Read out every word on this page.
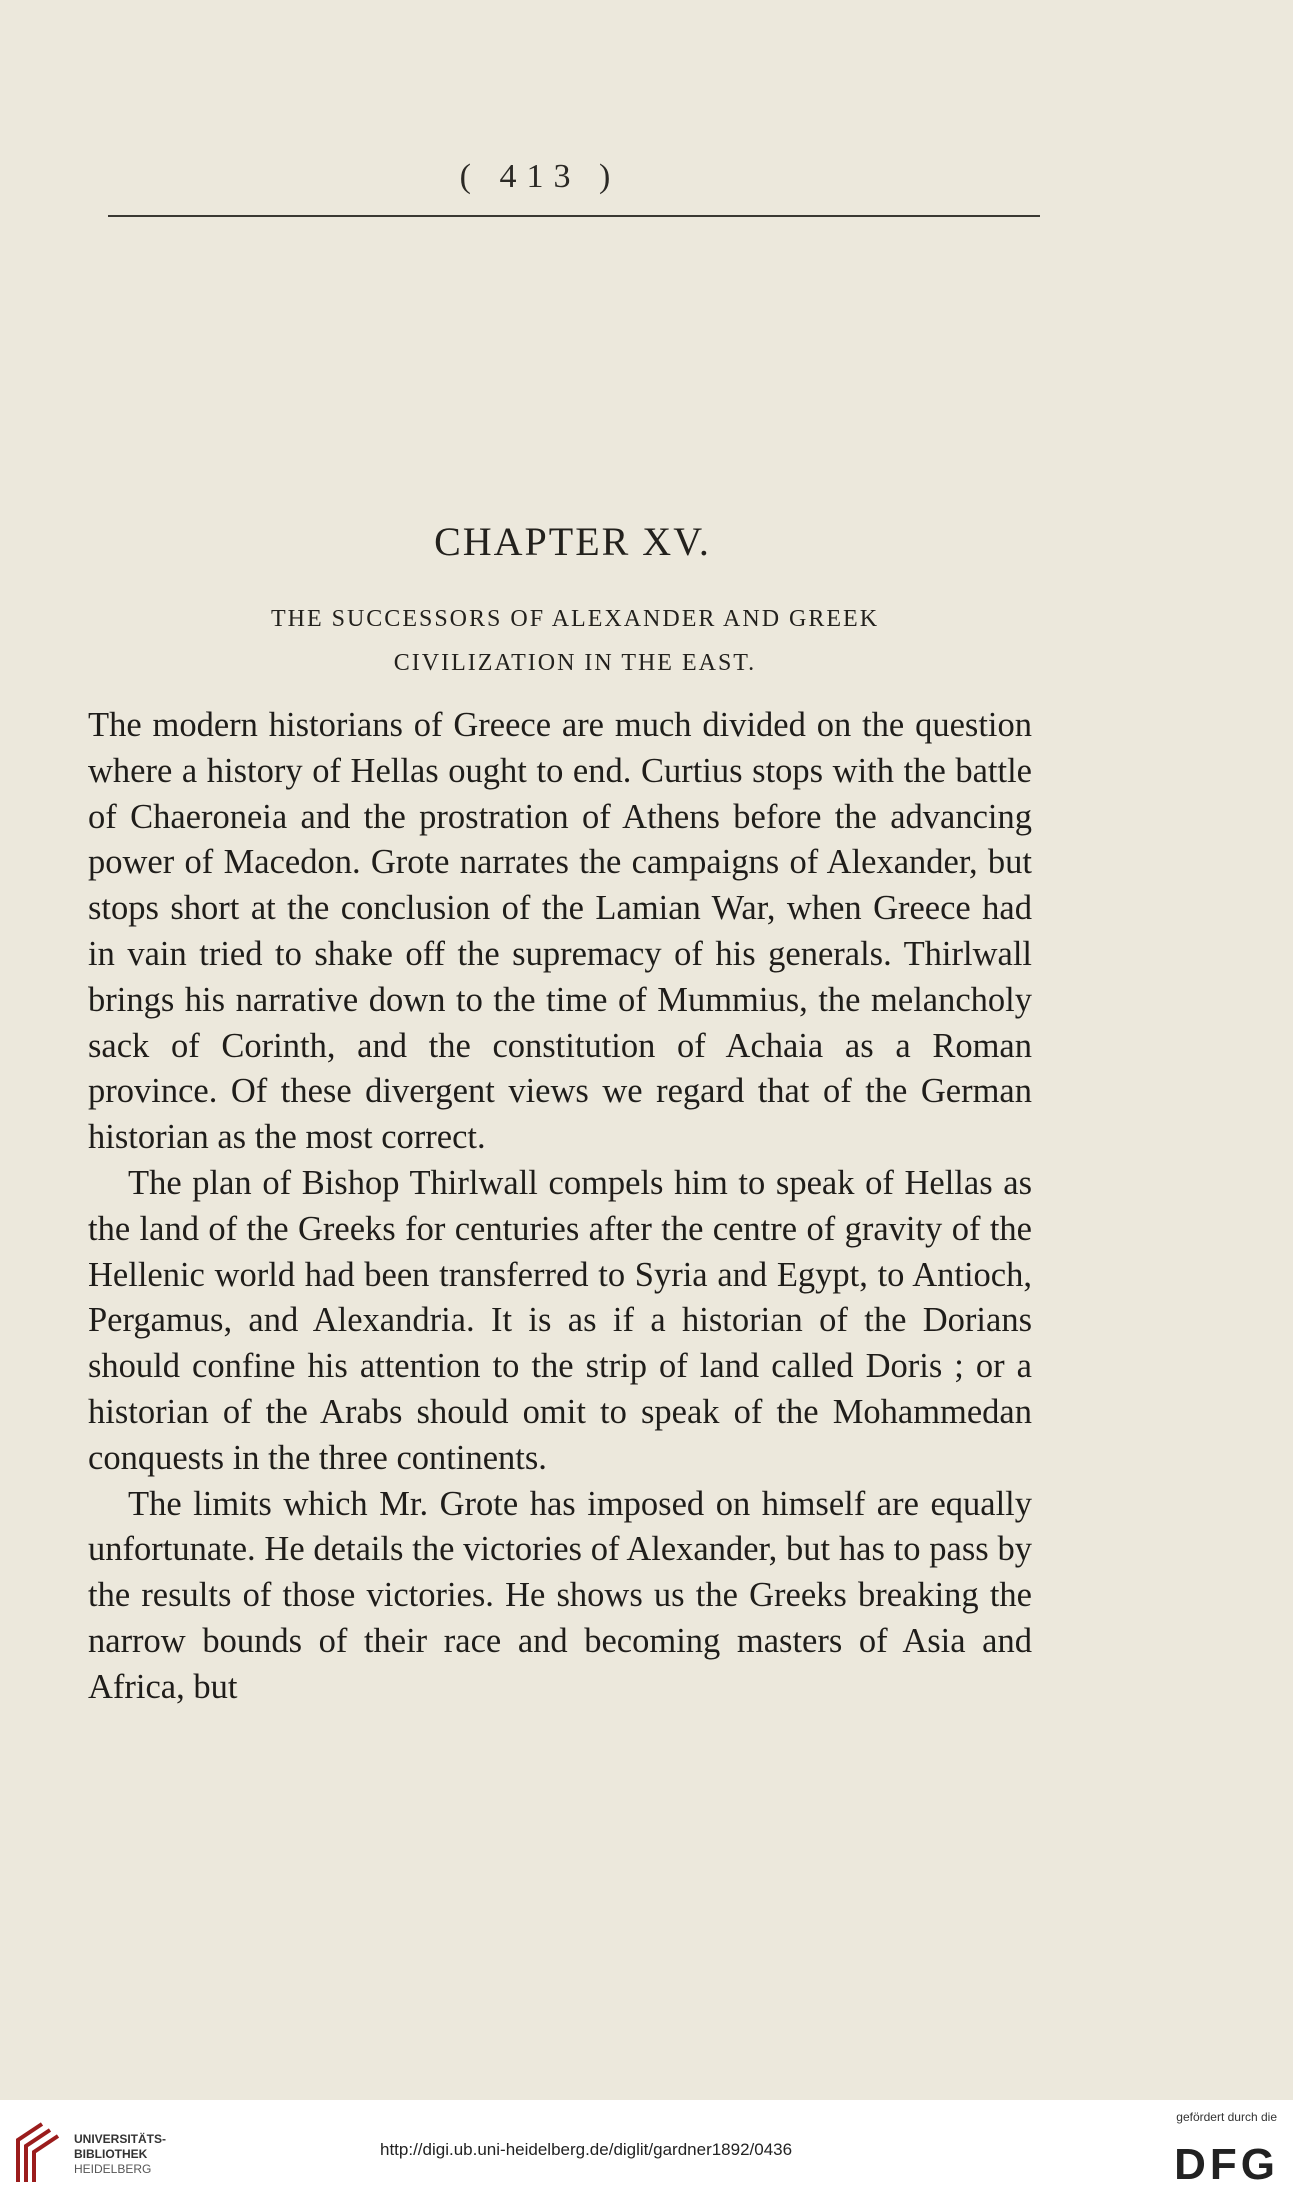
( 413 )
CHAPTER XV.
THE SUCCESSORS OF ALEXANDER AND GREEK
CIVILIZATION IN THE EAST.

The modern historians of Greece are much divided on the question where a history of Hellas ought to end. Curtius stops with the battle of Chaeroneia and the prostration of Athens before the advancing power of Macedon. Grote narrates the campaigns of Alexander, but stops short at the conclusion of the Lamian War, when Greece had in vain tried to shake off the supremacy of his generals. Thirlwall brings his narrative down to the time of Mummius, the melancholy sack of Corinth, and the constitution of Achaia as a Roman province. Of these divergent views we regard that of the German historian as the most correct.

The plan of Bishop Thirlwall compels him to speak of Hellas as the land of the Greeks for centuries after the centre of gravity of the Hellenic world had been transferred to Syria and Egypt, to Antioch, Pergamus, and Alexandria. It is as if a historian of the Dorians should confine his attention to the strip of land called Doris ; or a historian of the Arabs should omit to speak of the Mohammedan conquests in the three continents.

The limits which Mr. Grote has imposed on himself are equally unfortunate. He details the victories of Alexander, but has to pass by the results of those victories. He shows us the Greeks breaking the narrow bounds of their race and becoming masters of Asia and Africa, but

UNIVERSITÄTS-
BIBLIOTHEK
HEIDELBERG
http://digi.ub.uni-heidelberg.de/diglit/gardner1892/0436
gefördert durch die
DFG
